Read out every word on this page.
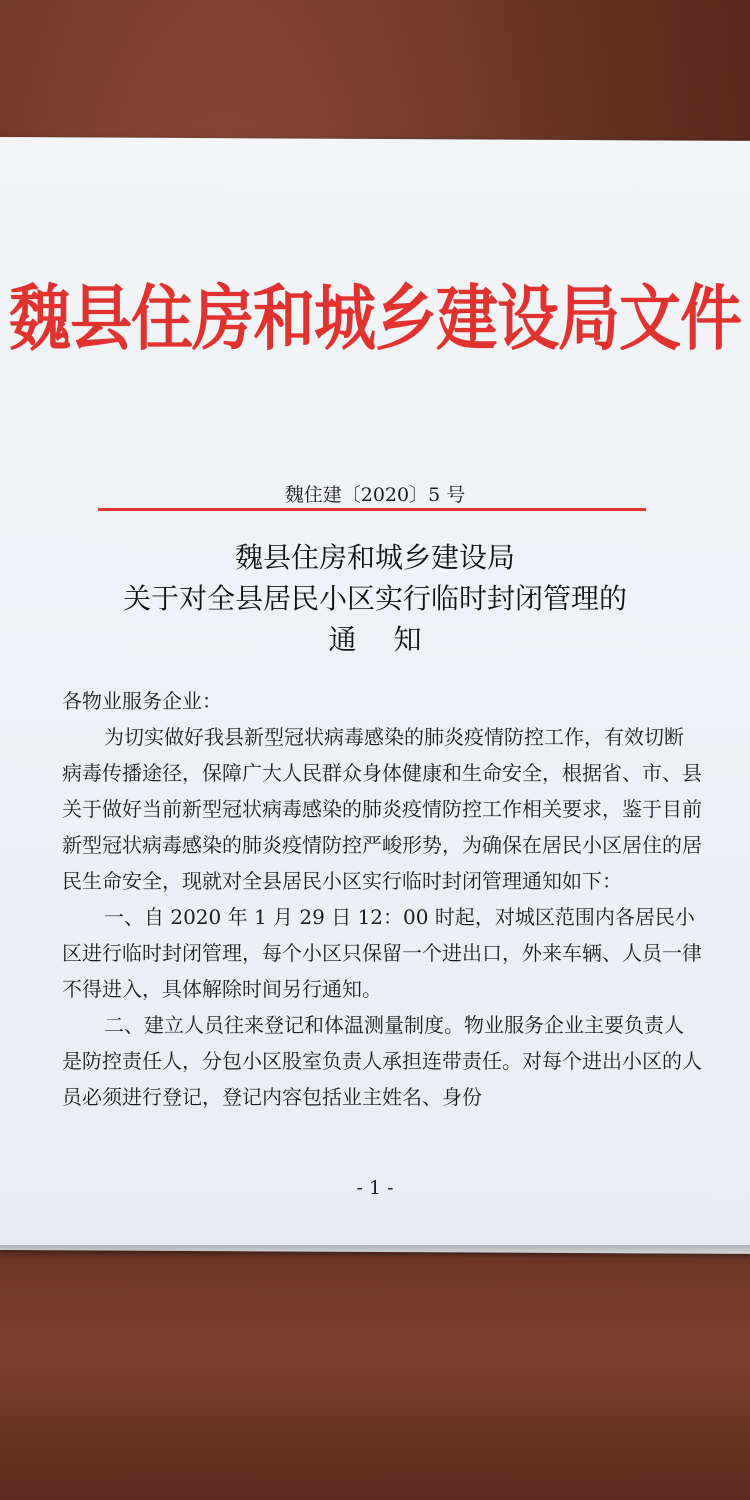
魏县住房和城乡建设局文件
魏住建〔2020〕5 号
魏县住房和城乡建设局
关于对全县居民小区实行临时封闭管理的
通 知

各物业服务企业：

为切实做好我县新型冠状病毒感染的肺炎疫情防控工作，有效切断病毒传播途径，保障广大人民群众身体健康和生命安全，根据省、市、县关于做好当前新型冠状病毒感染的肺炎疫情防控工作相关要求，鉴于目前新型冠状病毒感染的肺炎疫情防控严峻形势，为确保在居民小区居住的居民生命安全，现就对全县居民小区实行临时封闭管理通知如下：

一、自 2020 年 1 月 29 日 12：00 时起，对城区范围内各居民小区进行临时封闭管理，每个小区只保留一个进出口，外来车辆、人员一律不得进入，具体解除时间另行通知。

二、建立人员往来登记和体温测量制度。物业服务企业主要负责人是防控责任人，分包小区股室负责人承担连带责任。对每个进出小区的人员必须进行登记，登记内容包括业主姓名、身份

- 1 -
